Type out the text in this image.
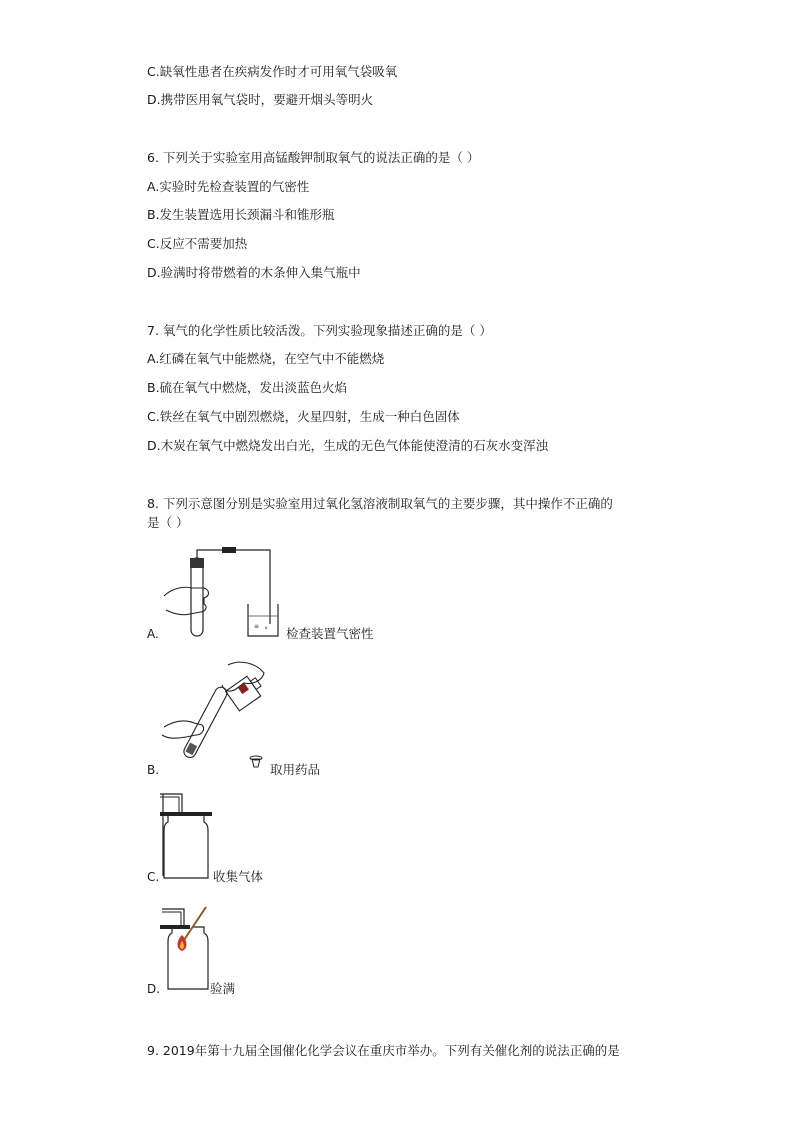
C.缺氧性患者在疾病发作时才可用氧气袋吸氧
D.携带医用氧气袋时，要避开烟头等明火
6. 下列关于实验室用高锰酸钾制取氧气的说法正确的是（ ）
A.实验时先检查装置的气密性
B.发生装置选用长颈漏斗和锥形瓶
C.反应不需要加热
D.验满时将带燃着的木条伸入集气瓶中
7. 氧气的化学性质比较活泼。下列实验现象描述正确的是（ ）
A.红磷在氧气中能燃烧，在空气中不能燃烧
B.硫在氧气中燃烧，发出淡蓝色火焰
C.铁丝在氧气中剧烈燃烧，火星四射，生成一种白色固体
D.木炭在氧气中燃烧发出白光，生成的无色气体能使澄清的石灰水变浑浊
8. 下列示意图分别是实验室用过氧化氢溶液制取氧气的主要步骤，其中操作不正确的
是（ ）
≡ ∘
A.	检查装置气密性
B.	取用药品
C.	收集气体
D.	验满
9. 2019年第十九届全国催化化学会议在重庆市举办。下列有关催化剂的说法正确的是
